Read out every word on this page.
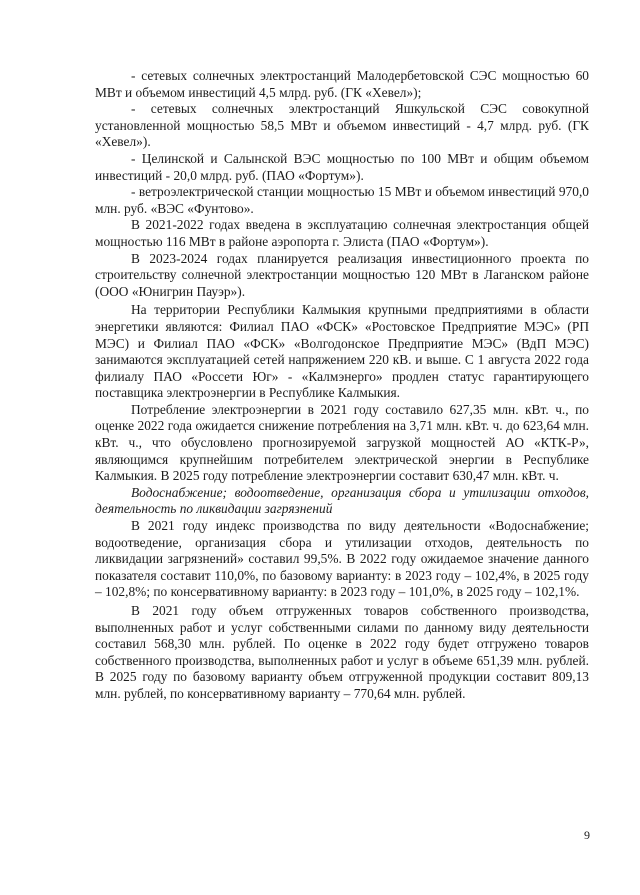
- сетевых солнечных электростанций Малодербетовской СЭС мощностью 60 МВт и объемом инвестиций 4,5 млрд. руб. (ГК «Хевел»);

- сетевых солнечных электростанций Яшкульской СЭС совокупной установленной мощностью 58,5 МВт и объемом инвестиций - 4,7 млрд. руб. (ГК «Хевел»).

- Целинской и Салынской ВЭС мощностью по 100 МВт и общим объемом инвестиций - 20,0 млрд. руб. (ПАО «Фортум»).

- ветроэлектрической станции мощностью 15 МВт и объемом инвестиций 970,0 млн. руб. «ВЭС «Фунтово».

В 2021-2022 годах введена в эксплуатацию солнечная электростанция общей мощностью 116 МВт в районе аэропорта г. Элиста (ПАО «Фортум»).

В 2023-2024 годах планируется реализация инвестиционного проекта по строительству солнечной электростанции мощностью 120 МВт в Лаганском районе (ООО «Юнигрин Пауэр»).

На территории Республики Калмыкия крупными предприятиями в области энергетики являются: Филиал ПАО «ФСК» «Ростовское Предприятие МЭС» (РП МЭС) и Филиал ПАО «ФСК» «Волгодонское Предприятие МЭС» (ВдП МЭС) занимаются эксплуатацией сетей напряжением 220 кВ. и выше. С 1 августа 2022 года филиалу ПАО «Россети Юг» - «Калмэнерго» продлен статус гарантирующего поставщика электроэнергии в Республике Калмыкия.

Потребление электроэнергии в 2021 году составило 627,35 млн. кВт. ч., по оценке 2022 года ожидается снижение потребления на 3,71 млн. кВт. ч. до 623,64 млн. кВт. ч., что обусловлено прогнозируемой загрузкой мощностей АО «КТК-Р», являющимся крупнейшим потребителем электрической энергии в Республике Калмыкия. В 2025 году потребление электроэнергии составит 630,47 млн. кВт. ч.

Водоснабжение; водоотведение, организация сбора и утилизации отходов, деятельность по ликвидации загрязнений

В 2021 году индекс производства по виду деятельности «Водоснабжение; водоотведение, организация сбора и утилизации отходов, деятельность по ликвидации загрязнений» составил 99,5%. В 2022 году ожидаемое значение данного показателя составит 110,0%, по базовому варианту: в 2023 году – 102,4%, в 2025 году – 102,8%; по консервативному варианту: в 2023 году – 101,0%, в 2025 году – 102,1%.

В 2021 году объем отгруженных товаров собственного производства, выполненных работ и услуг собственными силами по данному виду деятельности составил 568,30 млн. рублей. По оценке в 2022 году будет отгружено товаров собственного производства, выполненных работ и услуг в объеме 651,39 млн. рублей. В 2025 году по базовому варианту объем отгруженной продукции составит 809,13 млн. рублей, по консервативному варианту – 770,64 млн. рублей.

9
